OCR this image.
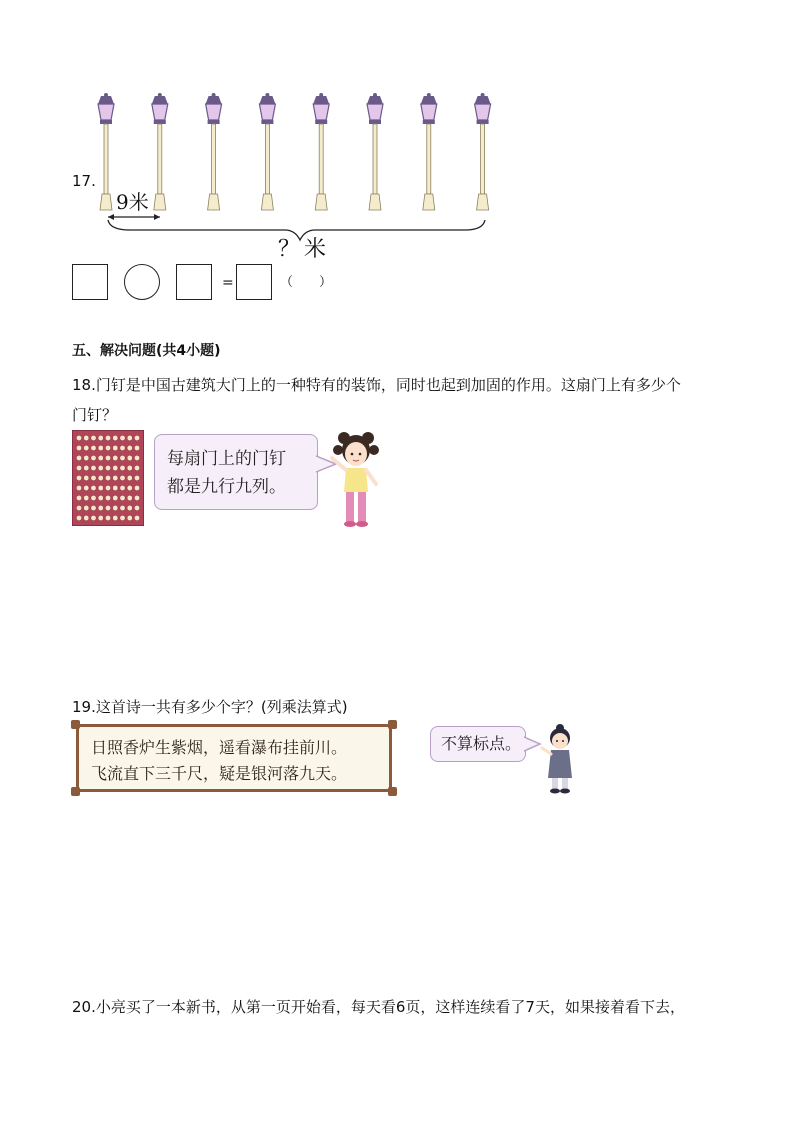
17.
9米
？米
=	（　　）
五、解决问题(共4小题)
18.门钉是中国古建筑大门上的一种特有的装饰，同时也起到加固的作用。这扇门上有多少个
门钉？
每扇门上的门钉
都是九行九列。
19.这首诗一共有多少个字？(列乘法算式)
日照香炉生紫烟，遥看瀑布挂前川。
飞流直下三千尺，疑是银河落九天。
不算标点。
20.小亮买了一本新书，从第一页开始看，每天看6页，这样连续看了7天，如果接着看下去，
